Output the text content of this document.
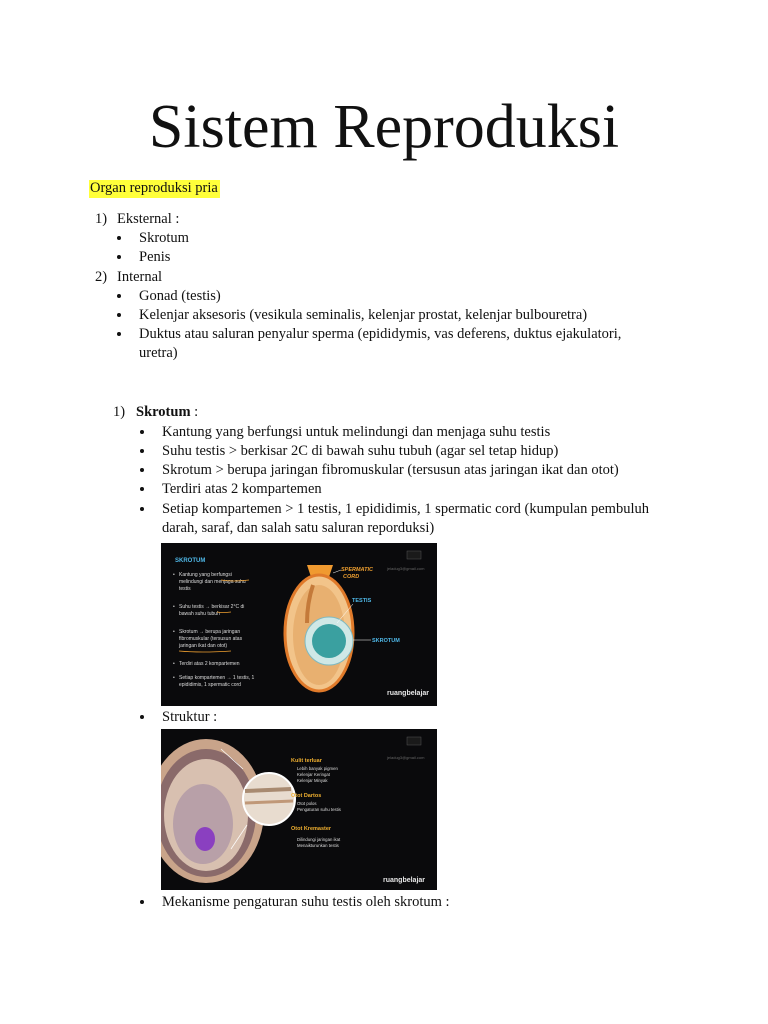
Sistem Reproduksi
Organ reproduksi pria
1) Eksternal :
Skrotum
Penis
2) Internal
Gonad (testis)
Kelenjar aksesoris (vesikula seminalis, kelenjar prostat, kelenjar bulbouretra)
Duktus atau saluran penyalur sperma (epididymis, vas deferens, duktus ejakulatori,
uretra)
1) Skrotum :
Kantung yang berfungsi untuk melindungi dan menjaga suhu testis
Suhu testis > berkisar 2C di bawah suhu tubuh (agar sel tetap hidup)
Skrotum > berupa jaringan fibromuskular (tersusun atas jaringan ikat dan otot)
Terdiri atas 2 kompartemen
Setiap kompartemen > 1 testis, 1 epididimis, 1 spermatic cord (kumpulan pembuluh
darah, saraf, dan salah satu saluran reporduksi)
SKROTUM
• Kantung yang berfungsi
melindungi dan menjaga suhu
testis
• Suhu testis → berkisar 2°C di
bawah suhu tubuh
• Skrotum → berupa jaringan
fibromuskular (tersusun atas
jaringan ikat dan otot)
• Terdiri atas 2 kompartemen
• Setiap kompartemen → 1 testis, 1
epididimis, 1 spermatic cord
SPERMATIC
CORD
TESTIS
SKROTUM
jeladug3@gmail.com
ruangbelajar
Struktur :
Kulit terluar
Lebih banyak pigmen
Kelenjar Keringat
Kelenjar Minyak
Otot Dartos
Otot polos
Pengaturan suhu testis
Otot Kremaster
Dilindungi jaringan ikat
Menaikturunkan testis
jeladug3@gmail.com
ruangbelajar
Mekanisme pengaturan suhu testis oleh skrotum :
